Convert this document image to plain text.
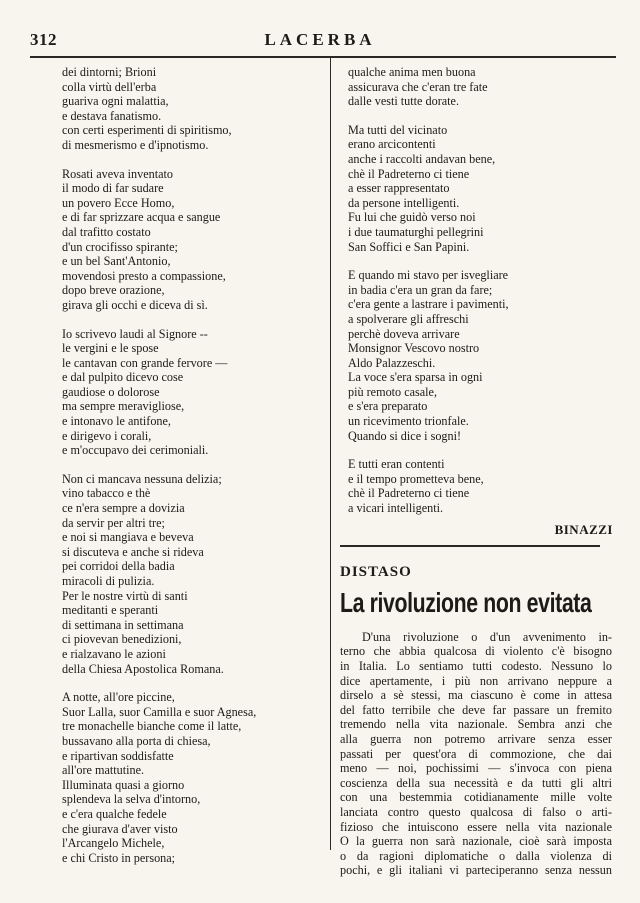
312	LACERBA
dei dintorni; Brioni
colla virtù dell'erba
guariva ogni malattia,
e destava fanatismo.
con certi esperimenti di spiritismo,
di mesmerismo e d'ipnotismo.
Rosati aveva inventato
il modo di far sudare
un povero Ecce Homo,
e di far sprizzare acqua e sangue
dal trafitto costato
d'un crocifisso spirante;
e un bel Sant'Antonio,
movendosi presto a compassione,
dopo breve orazione,
girava gli occhi e diceva di sì.
Io scrivevo laudi al Signore --
le vergini e le spose
le cantavan con grande fervore —
e dal pulpito dicevo cose
gaudiose o dolorose
ma sempre meravigliose,
e intonavo le antifone,
e dirigevo i corali,
e m'occupavo dei cerimoniali.
Non ci mancava nessuna delizia;
vino tabacco e thè
ce n'era sempre a dovizia
da servir per altri tre;
e noi si mangiava e beveva
si discuteva e anche si rideva
pei corridoi della badia
miracoli di pulizia.
Per le nostre virtù di santi
meditanti e speranti
di settimana in settimana
ci piovevan benedizioni,
e rialzavano le azioni
della Chiesa Apostolica Romana.
A notte, all'ore piccine,
Suor Lalla, suor Camilla e suor Agnesa,
tre monachelle bianche come il latte,
bussavano alla porta di chiesa,
e ripartivan soddisfatte
all'ore mattutine.
Illuminata quasi a giorno
splendeva la selva d'intorno,
e c'era qualche fedele
che giurava d'aver visto
l'Arcangelo Michele,
e chi Cristo in persona;
qualche anima men buona
assicurava che c'eran tre fate
dalle vesti tutte dorate.
Ma tutti del vicinato
erano arcicontenti
anche i raccolti andavan bene,
chè il Padreterno ci tiene
a esser rappresentato
da persone intelligenti.
Fu lui che guidò verso noi
i due taumaturghi pellegrini
San Soffici e San Papini.
E quando mi stavo per isvegliare
in badia c'era un gran da fare;
c'era gente a lastrare i pavimenti,
a spolverare gli affreschi
perchè doveva arrivare
Monsignor Vescovo nostro
Aldo Palazzeschi.
La voce s'era sparsa in ogni
più remoto casale,
e s'era preparato
un ricevimento trionfale.
Quando si dice i sogni!
E tutti eran contenti
e il tempo prometteva bene,
chè il Padreterno ci tiene
a vicari intelligenti.
BINAZZI
DISTASO
La rivoluzione non evitata
D'una rivoluzione o d'un avvenimento in-
terno che abbia qualcosa di violento c'è bisogno
in Italia. Lo sentiamo tutti codesto. Nessuno lo
dice apertamente, i più non arrivano neppure a
dirselo a sè stessi, ma ciascuno è come in attesa
del fatto terribile che deve far passare un fremito
tremendo nella vita nazionale. Sembra anzi che
alla guerra non potremo arrivare senza esser
passati per quest'ora di commozione, che dai
meno — noi, pochissimi — s'invoca con piena
coscienza della sua necessità e da tutti gli altri
con una bestemmia cotidianamente mille volte
lanciata contro questo qualcosa di falso o arti-
fizioso che intuiscono essere nella vita nazionale
O la guerra non sarà nazionale, cioè sarà imposta
o da ragioni diplomatiche o dalla violenza di
pochi, e gli italiani vi parteciperanno senza nessun
